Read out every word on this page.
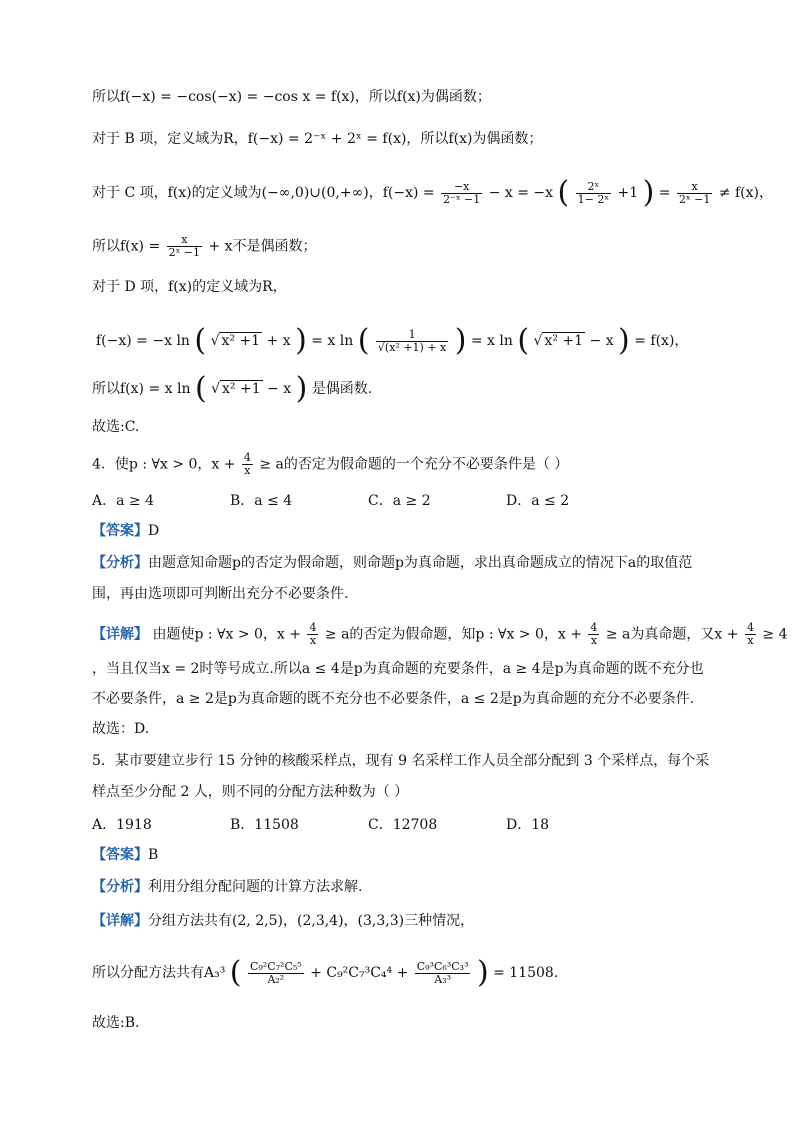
所以f(−x) = −cos(−x) = −cos x = f(x)，所以f(x)为偶函数；
对于 B 项，定义域为R，f(−x) = 2⁻ˣ + 2ˣ = f(x)，所以f(x)为偶函数；
对于 C 项，f(x)的定义域为(−∞,0)∪(0,+∞)，$f(-x) = \frac{-x}{\text{2⁻ˣ −1}} - x = -x$ ( $\frac{\text{2ˣ}}{\text{1− 2ˣ}} +1$ ) = $\frac{x}{\text{2ˣ −1}} \ne f(x)$，
所以$f(x) = \frac{x}{\text{2ˣ −1}} + x$不是偶函数；
对于 D 项，f(x)的定义域为R，
f(−x) = −x ln ( √ x² +1 + x ) = x ln ( $\frac{1}{\text{√(x² +1) + x}}$ ) = x ln ( √ x² +1 − x ) = f(x)，
所以f(x) = x ln ( √ x² +1 − x ) 是偶函数.
故选:C.
4．使p : ∀x > 0，$x + \frac{4}{x} \ge a$的否定为假命题的一个充分不必要条件是（ ）
A．a ≥ 4	B．a ≤ 4	C．a ≥ 2	D．a ≤ 2
【答案】D
【分析】由题意知命题p的否定为假命题，则命题p为真命题，求出真命题成立的情况下a的取值范
围，再由选项即可判断出充分不必要条件.
【详解】 由题使p : ∀x > 0，$x + \frac{4}{x} \ge a$的否定为假命题，知p : ∀x > 0，$x + \frac{4}{x} \ge a$为真命题，又$x + \frac{4}{x} \ge 4$
，当且仅当x = 2时等号成立.所以a ≤ 4是p为真命题的充要条件，a ≥ 4是p为真命题的既不充分也
不必要条件，a ≥ 2是p为真命题的既不充分也不必要条件，a ≤ 2是p为真命题的充分不必要条件.
故选：D.
5．某市要建立步行 15 分钟的核酸采样点，现有 9 名采样工作人员全部分配到 3 个采样点，每个采
样点至少分配 2 人，则不同的分配方法种数为（ ）
A．1918	B．11508	C．12708	D．18
【答案】B
【分析】利用分组分配问题的计算方法求解.
【详解】分组方法共有(2, 2,5)，(2,3,4)，(3,3,3)三种情况，
所以分配方法共有A₃³ ( $\frac{\text{C₉²C₇²C₅⁵}}{\text{A₂²}} + C_9^2C_7^3C_4^4 + \frac{\text{C₉³C₆³C₃³}}{\text{A₃³}}$ ) = 11508.
故选:B.
